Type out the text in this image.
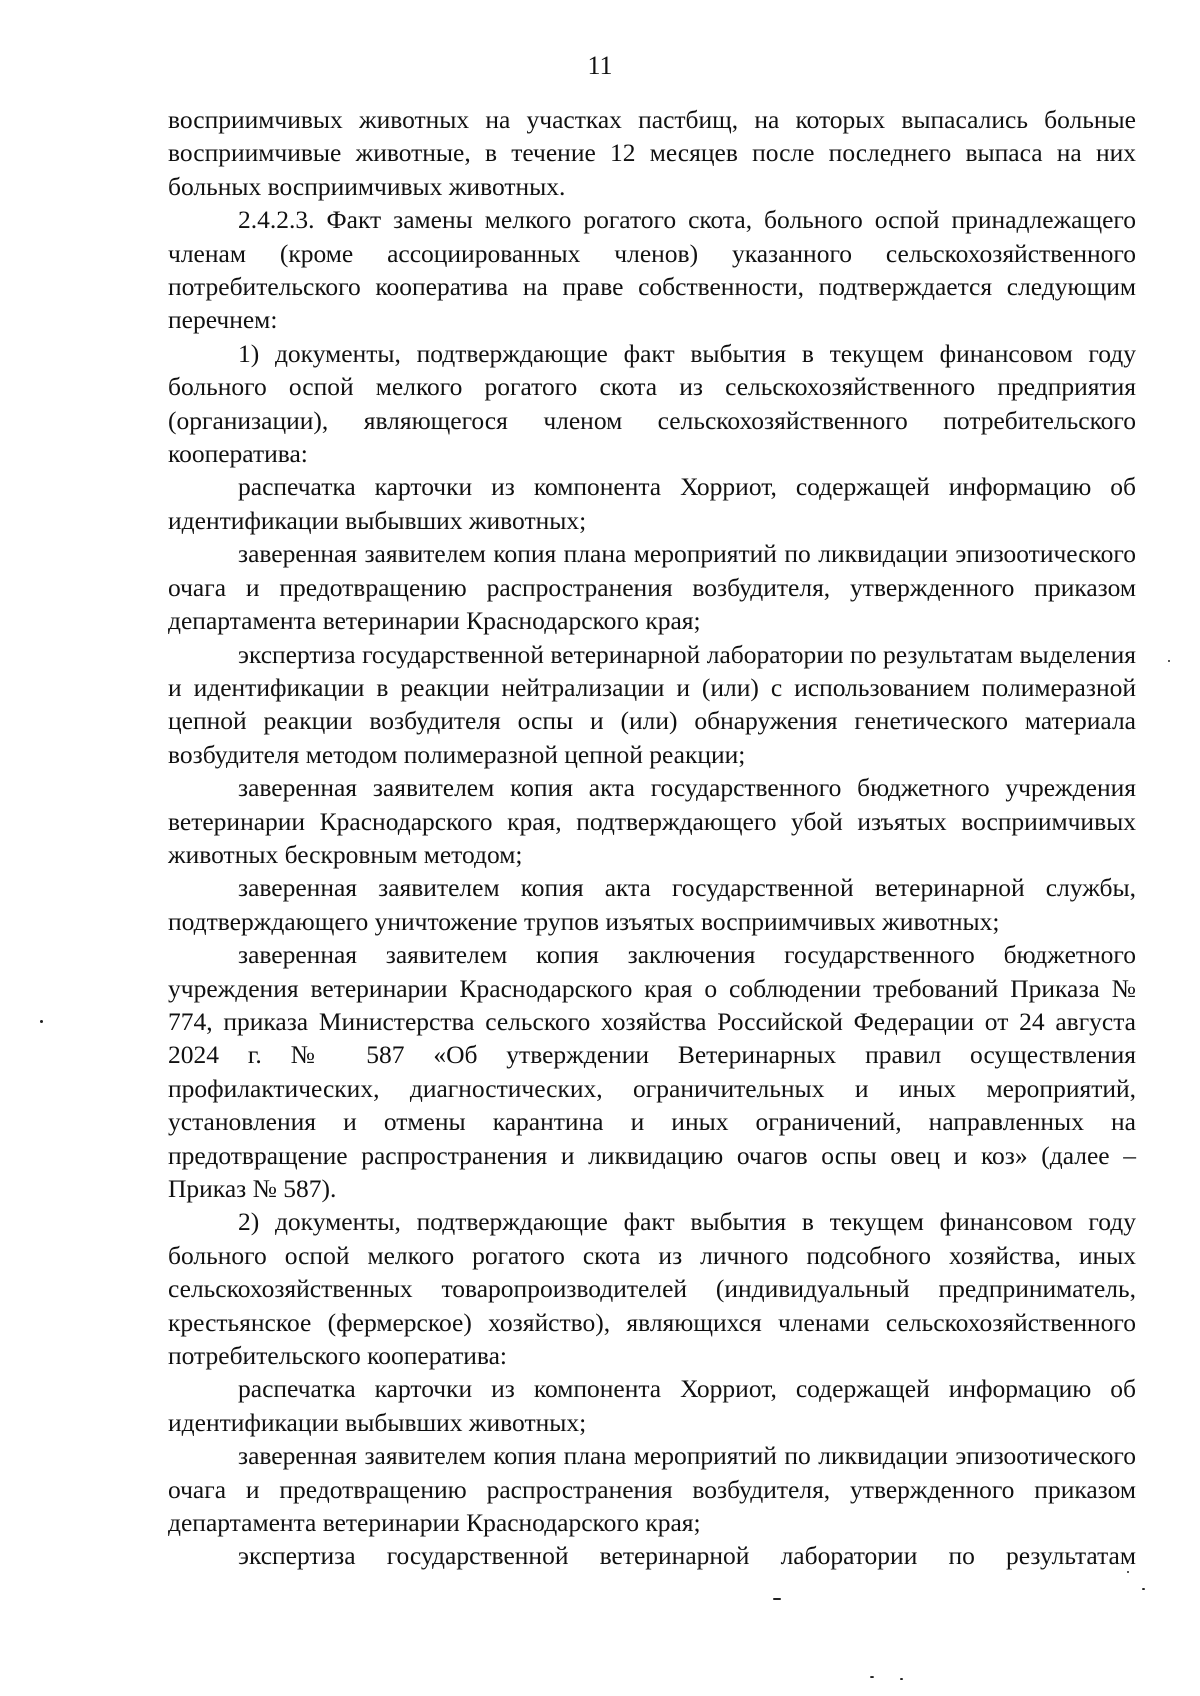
11

восприимчивых животных на участках пастбищ, на которых выпасались больные восприимчивые животные, в течение 12 месяцев после последнего выпаса на них больных восприимчивых животных.

2.4.2.3. Факт замены мелкого рогатого скота, больного оспой принадлежащего членам (кроме ассоциированных членов) указанного сельскохозяйственного потребительского кооператива на праве собственности, подтверждается следующим перечнем:

1) документы, подтверждающие факт выбытия в текущем финансовом году больного оспой мелкого рогатого скота из сельскохозяйственного предприятия (организации), являющегося членом сельскохозяйственного потребительского кооператива:

распечатка карточки из компонента Хорриот, содержащей информацию об идентификации выбывших животных;

заверенная заявителем копия плана мероприятий по ликвидации эпизоотического очага и предотвращению распространения возбудителя, утвержденного приказом департамента ветеринарии Краснодарского края;

экспертиза государственной ветеринарной лаборатории по результатам выделения и идентификации в реакции нейтрализации и (или) с использованием полимеразной цепной реакции возбудителя оспы и (или) обнаружения генетического материала возбудителя методом полимеразной цепной реакции;

заверенная заявителем копия акта государственного бюджетного учреждения ветеринарии Краснодарского края, подтверждающего убой изъятых восприимчивых животных бескровным методом;

заверенная заявителем копия акта государственной ветеринарной службы, подтверждающего уничтожение трупов изъятых восприимчивых животных;

заверенная заявителем копия заключения государственного бюджетного учреждения ветеринарии Краснодарского края о соблюдении требований Приказа № 774, приказа Министерства сельского хозяйства Российской Федерации от 24 августа 2024 г. № 587 «Об утверждении Ветеринарных правил осуществления профилактических, диагностических, ограничительных и иных мероприятий, установления и отмены карантина и иных ограничений, направленных на предотвращение распространения и ликвидацию очагов оспы овец и коз» (далее – Приказ № 587).

2) документы, подтверждающие факт выбытия в текущем финансовом году больного оспой мелкого рогатого скота из личного подсобного хозяйства, иных сельскохозяйственных товаропроизводителей (индивидуальный предприниматель, крестьянское (фермерское) хозяйство), являющихся членами сельскохозяйственного потребительского кооператива:

распечатка карточки из компонента Хорриот, содержащей информацию об идентификации выбывших животных;

заверенная заявителем копия плана мероприятий по ликвидации эпизоотического очага и предотвращению распространения возбудителя, утвержденного приказом департамента ветеринарии Краснодарского края;

экспертиза государственной ветеринарной лаборатории по результатам
